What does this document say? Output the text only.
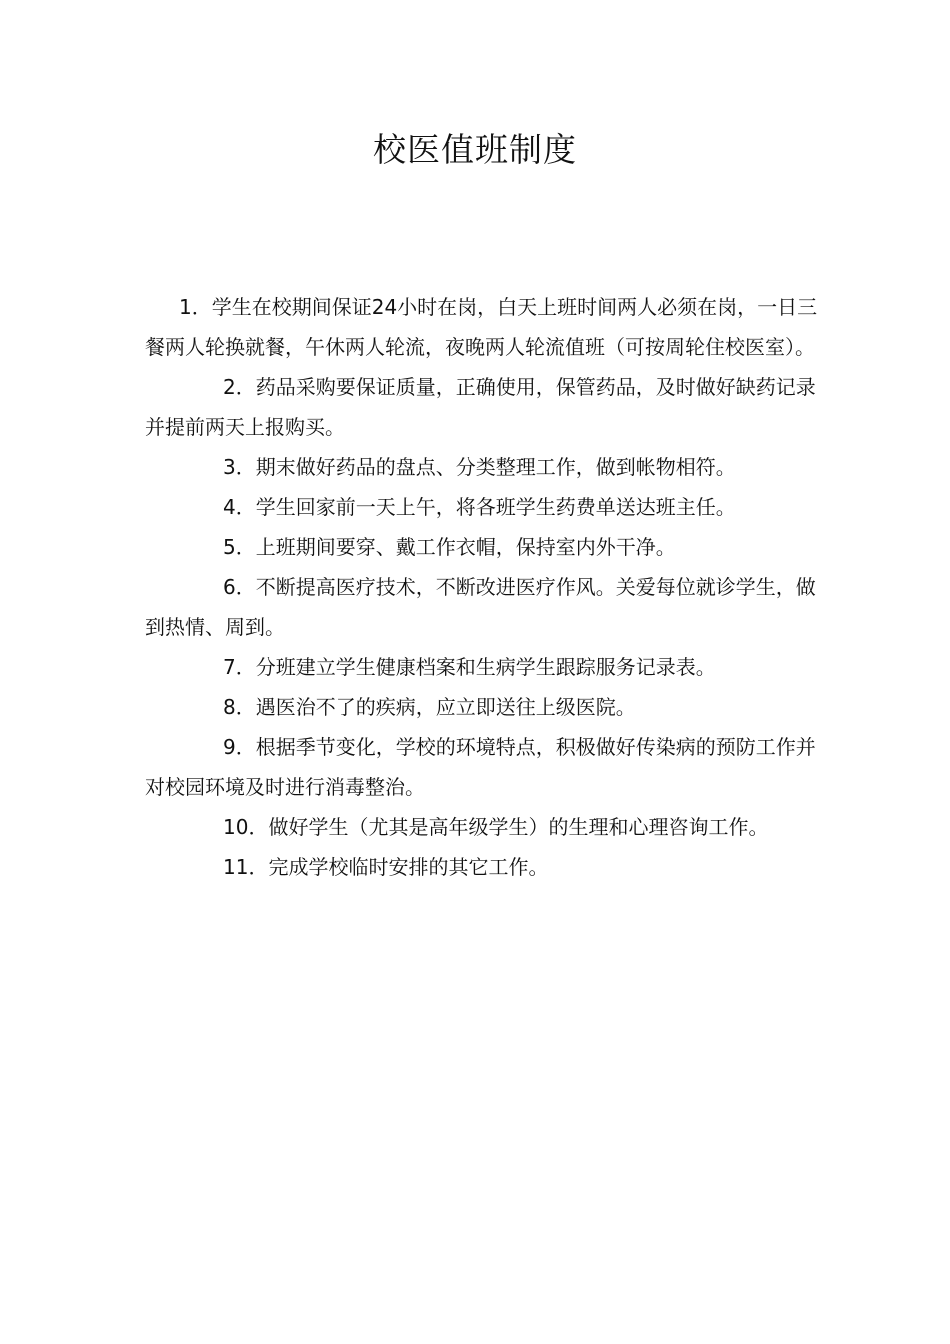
校医值班制度

1．学生在校期间保证24小时在岗，白天上班时间两人必须在岗，一日三餐两人轮换就餐，午休两人轮流，夜晚两人轮流值班（可按周轮住校医室）。

2．药品采购要保证质量，正确使用，保管药品，及时做好缺药记录并提前两天上报购买。

3．期末做好药品的盘点、分类整理工作，做到帐物相符。

4．学生回家前一天上午，将各班学生药费单送达班主任。

5．上班期间要穿、戴工作衣帽，保持室内外干净。

6．不断提高医疗技术，不断改进医疗作风。关爱每位就诊学生，做到热情、周到。

7．分班建立学生健康档案和生病学生跟踪服务记录表。

8．遇医治不了的疾病，应立即送往上级医院。

9．根据季节变化，学校的环境特点，积极做好传染病的预防工作并对校园环境及时进行消毒整治。

10．做好学生（尤其是高年级学生）的生理和心理咨询工作。

11．完成学校临时安排的其它工作。
